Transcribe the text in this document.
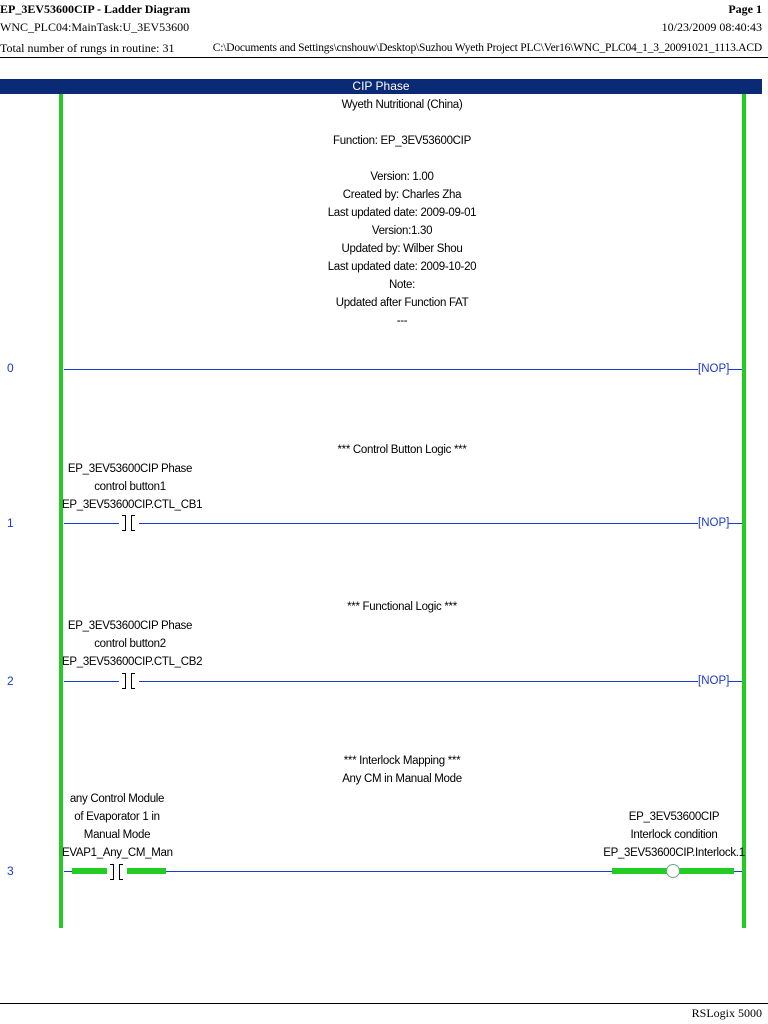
EP_3EV53600CIP - Ladder Diagram
WNC_PLC04:MainTask:U_3EV53600
Total number of rungs in routine: 31
Page 1
10/23/2009 08:40:43
C:\Documents and Settings\cnshouw\Desktop\Suzhou Wyeth Project PLC\Ver16\WNC_PLC04_1_3_20091021_1113.ACD
CIP Phase
Wyeth Nutritional (China)
Function: EP_3EV53600CIP
Version: 1.00
Created by: Charles Zha
Last updated date: 2009-09-01
Version:1.30
Updated by: Wilber Shou
Last updated date: 2009-10-20
Note:
Updated after Function FAT
---
0	[NOP]
*** Control Button Logic ***
EP_3EV53600CIP Phase
control button1
EP_3EV53600CIP.CTL_CB1
1	[NOP]
*** Functional Logic ***
EP_3EV53600CIP Phase
control button2
EP_3EV53600CIP.CTL_CB2
2	[NOP]
*** Interlock Mapping ***
Any CM in Manual Mode
any Control Module
of Evaporator 1 in
Manual Mode
EVAP1_Any_CM_Man
EP_3EV53600CIP
Interlock condition
EP_3EV53600CIP.Interlock.1
3
RSLogix 5000
